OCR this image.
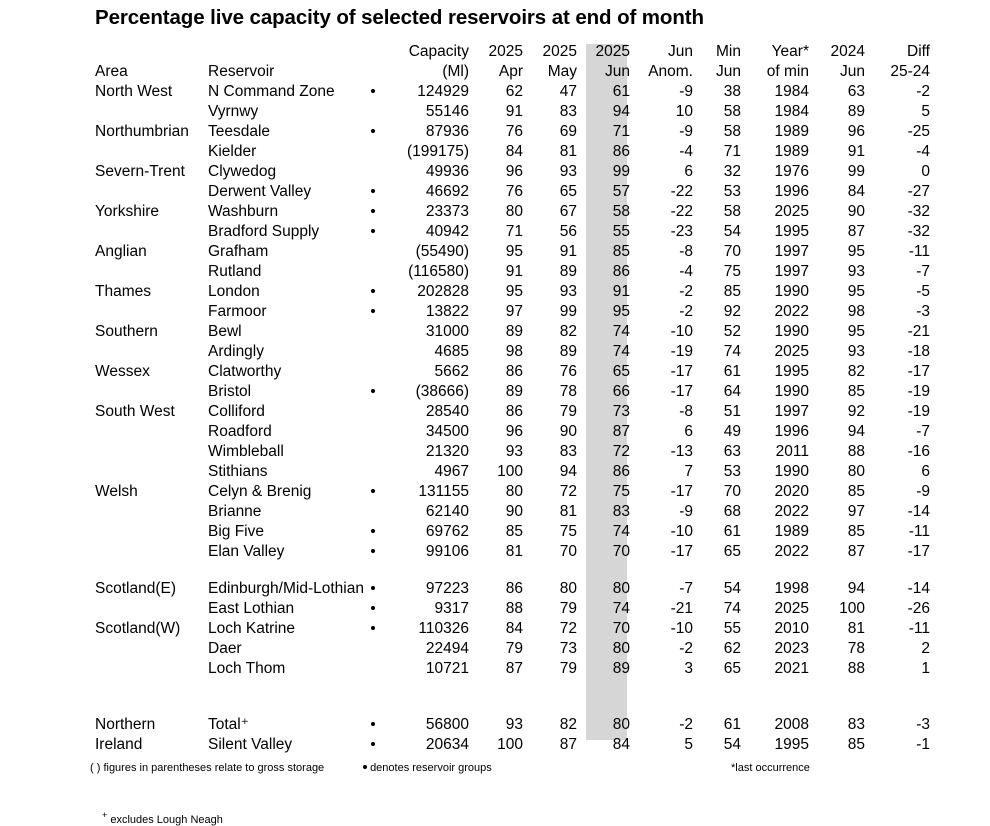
Percentage live capacity of selected reservoirs at end of month
				Capacity	2025	2025	2025	Jun	Min	Year*	2024	Diff	
	Area	Reservoir		(Ml)	Apr	May	Jun	Anom.	Jun	of min	Jun	25-24	
	North West	N Command Zone		124929	62	47	61	-9	38	1984	63	-2	
		Vyrnwy		55146	91	83	94	10	58	1984	89	5	
	Northumbrian	Teesdale		87936	76	69	71	-9	58	1989	96	-25	
		Kielder		(199175)	84	81	86	-4	71	1989	91	-4	
	Severn-Trent	Clywedog		49936	96	93	99	6	32	1976	99	0	
		Derwent Valley		46692	76	65	57	-22	53	1996	84	-27	
	Yorkshire	Washburn		23373	80	67	58	-22	58	2025	90	-32	
		Bradford Supply		40942	71	56	55	-23	54	1995	87	-32	
	Anglian	Grafham		(55490)	95	91	85	-8	70	1997	95	-11	
		Rutland		(116580)	91	89	86	-4	75	1997	93	-7	
	Thames	London		202828	95	93	91	-2	85	1990	95	-5	
		Farmoor		13822	97	99	95	-2	92	2022	98	-3	
	Southern	Bewl		31000	89	82	74	-10	52	1990	95	-21	
		Ardingly		4685	98	89	74	-19	74	2025	93	-18	
	Wessex	Clatworthy		5662	86	76	65	-17	61	1995	82	-17	
		Bristol		(38666)	89	78	66	-17	64	1990	85	-19	
	South West	Colliford		28540	86	79	73	-8	51	1997	92	-19	
		Roadford		34500	96	90	87	6	49	1996	94	-7	
		Wimbleball		21320	93	83	72	-13	63	2011	88	-16	
		Stithians		4967	100	94	86	7	53	1990	80	6	
	Welsh	Celyn & Brenig		131155	80	72	75	-17	70	2020	85	-9	
		Brianne		62140	90	81	83	-9	68	2022	97	-14	
		Big Five		69762	85	75	74	-10	61	1989	85	-11	
		Elan Valley		99106	81	70	70	-17	65	2022	87	-17	

	Scotland(E)	Edinburgh/Mid-Lothian		97223	86	80	80	-7	54	1998	94	-14	
		East Lothian		9317	88	79	74	-21	74	2025	100	-26	
	Scotland(W)	Loch Katrine		110326	84	72	70	-10	55	2010	81	-11	
		Daer		22494	79	73	80	-2	62	2023	78	2	
		Loch Thom		10721	87	79	89	3	65	2021	88	1	

	Northern	Total⁺		56800	93	82	80	-2	61	2008	83	-3	
	Ireland	Silent Valley		20634	100	87	84	5	54	1995	85	-1	
( ) figures in parentheses relate to gross storage	denotes reservoir groups	*last occurrence
+ excludes Lough Neagh
